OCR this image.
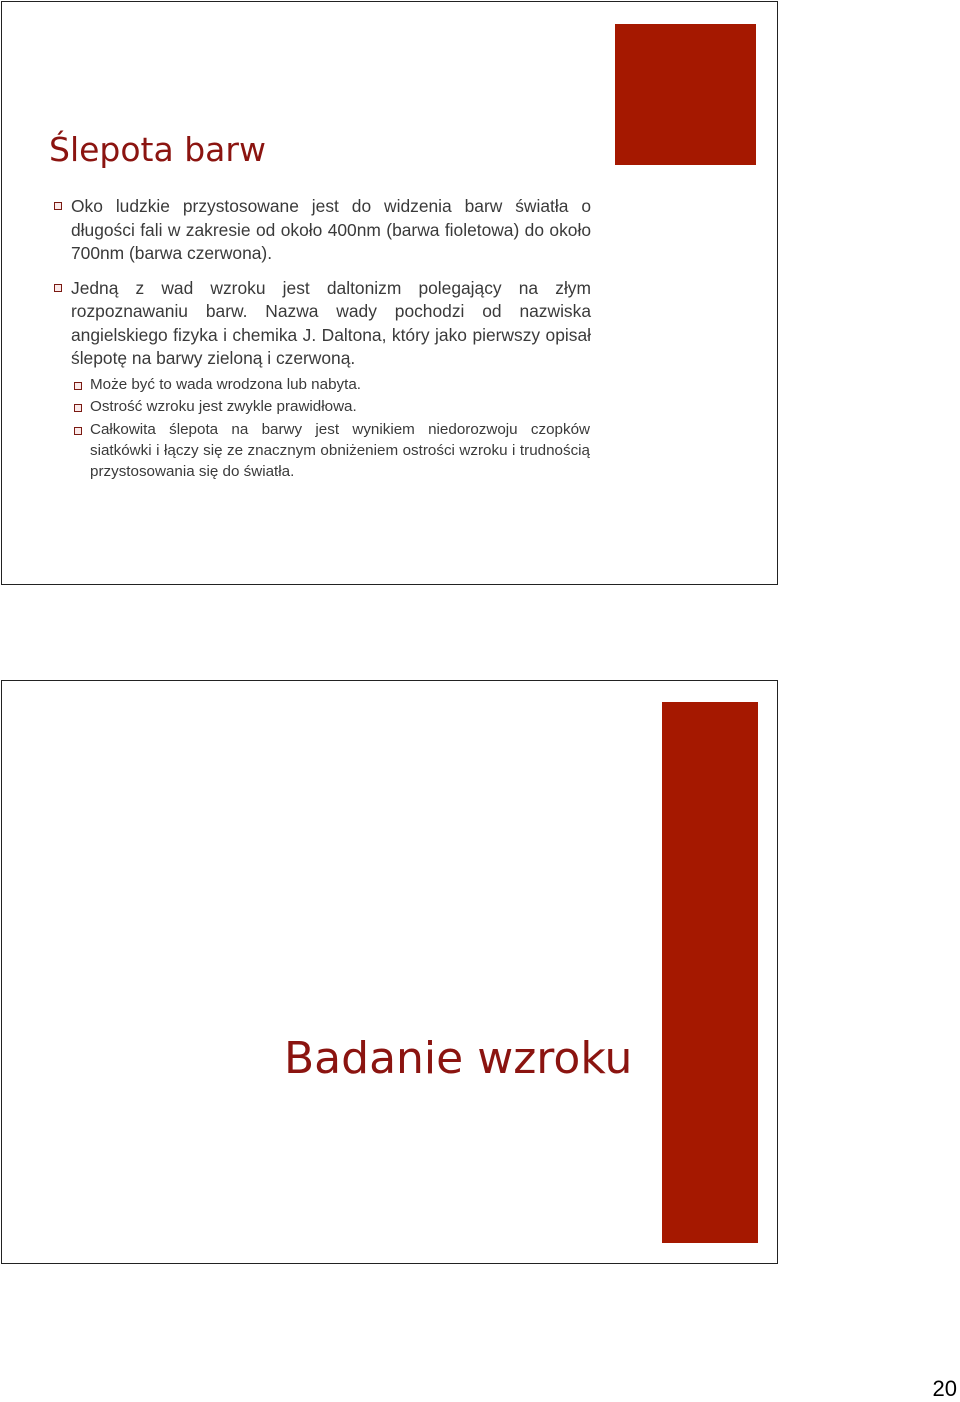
Ślepota barw
Oko ludzkie przystosowane jest do widzenia barw światła o długości fali w zakresie od około 400nm (barwa fioletowa) do około 700nm (barwa czerwona).
Jedną z wad wzroku jest daltonizm polegający na złym rozpoznawaniu barw. Nazwa wady pochodzi od nazwiska angielskiego fizyka i chemika J. Daltona, który jako pierwszy opisał ślepotę na barwy zieloną i czerwoną.
Może być to wada wrodzona lub nabyta.
Ostrość wzroku jest zwykle prawidłowa.
Całkowita ślepota na barwy jest wynikiem niedorozwoju czopków siatkówki i łączy się ze znacznym obniżeniem ostrości wzroku i trudnością przystosowania się do światła.
Badanie wzroku
20
